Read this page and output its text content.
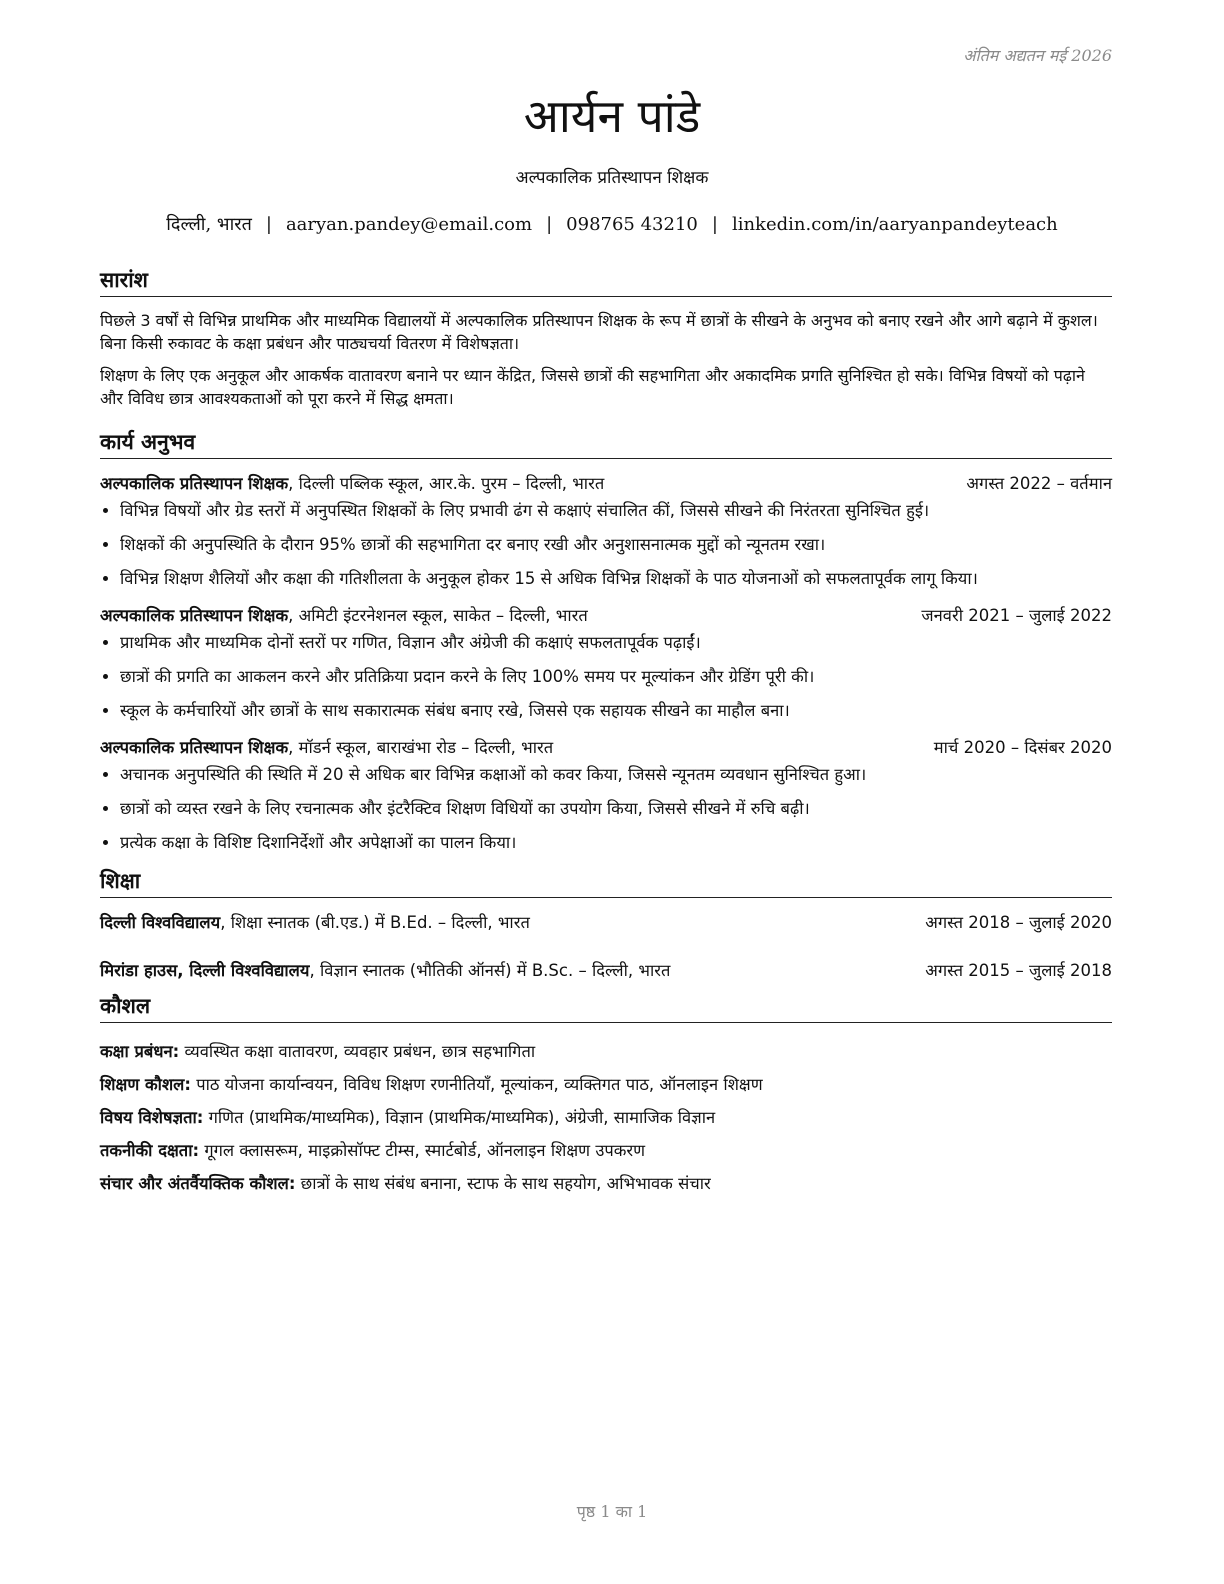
अंतिम अद्यतन मई 2026
आर्यन पांडे
अल्पकालिक प्रतिस्थापन शिक्षक
दिल्ली, भारत | aaryan.pandey@email.com | 098765 43210 | linkedin.com/in/aaryanpandeyteach
सारांश

पिछले 3 वर्षों से विभिन्न प्राथमिक और माध्यमिक विद्यालयों में अल्पकालिक प्रतिस्थापन शिक्षक के रूप में छात्रों के सीखने के अनुभव को बनाए रखने और आगे बढ़ाने में कुशल। बिना किसी रुकावट के कक्षा प्रबंधन और पाठ्यचर्या वितरण में विशेषज्ञता।

शिक्षण के लिए एक अनुकूल और आकर्षक वातावरण बनाने पर ध्यान केंद्रित, जिससे छात्रों की सहभागिता और अकादमिक प्रगति सुनिश्चित हो सके। विभिन्न विषयों को पढ़ाने और विविध छात्र आवश्यकताओं को पूरा करने में सिद्ध क्षमता।

कार्य अनुभव
अल्पकालिक प्रतिस्थापन शिक्षक, दिल्ली पब्लिक स्कूल, आर.के. पुरम – दिल्ली, भारत	अगस्त 2022 – वर्तमान
• विभिन्न विषयों और ग्रेड स्तरों में अनुपस्थित शिक्षकों के लिए प्रभावी ढंग से कक्षाएं संचालित कीं, जिससे सीखने की निरंतरता सुनिश्चित हुई।
• शिक्षकों की अनुपस्थिति के दौरान 95% छात्रों की सहभागिता दर बनाए रखी और अनुशासनात्मक मुद्दों को न्यूनतम रखा।
• विभिन्न शिक्षण शैलियों और कक्षा की गतिशीलता के अनुकूल होकर 15 से अधिक विभिन्न शिक्षकों के पाठ योजनाओं को सफलतापूर्वक लागू किया।
अल्पकालिक प्रतिस्थापन शिक्षक, अमिटी इंटरनेशनल स्कूल, साकेत – दिल्ली, भारत	जनवरी 2021 – जुलाई 2022
• प्राथमिक और माध्यमिक दोनों स्तरों पर गणित, विज्ञान और अंग्रेजी की कक्षाएं सफलतापूर्वक पढ़ाईं।
• छात्रों की प्रगति का आकलन करने और प्रतिक्रिया प्रदान करने के लिए 100% समय पर मूल्यांकन और ग्रेडिंग पूरी की।
• स्कूल के कर्मचारियों और छात्रों के साथ सकारात्मक संबंध बनाए रखे, जिससे एक सहायक सीखने का माहौल बना।
अल्पकालिक प्रतिस्थापन शिक्षक, मॉडर्न स्कूल, बाराखंभा रोड – दिल्ली, भारत	मार्च 2020 – दिसंबर 2020
• अचानक अनुपस्थिति की स्थिति में 20 से अधिक बार विभिन्न कक्षाओं को कवर किया, जिससे न्यूनतम व्यवधान सुनिश्चित हुआ।
• छात्रों को व्यस्त रखने के लिए रचनात्मक और इंटरैक्टिव शिक्षण विधियों का उपयोग किया, जिससे सीखने में रुचि बढ़ी।
• प्रत्येक कक्षा के विशिष्ट दिशानिर्देशों और अपेक्षाओं का पालन किया।
शिक्षा
दिल्ली विश्वविद्यालय, शिक्षा स्नातक (बी.एड.) में B.Ed. – दिल्ली, भारत	अगस्त 2018 – जुलाई 2020
मिरांडा हाउस, दिल्ली विश्वविद्यालय, विज्ञान स्नातक (भौतिकी ऑनर्स) में B.Sc. – दिल्ली, भारत	अगस्त 2015 – जुलाई 2018
कौशल
कक्षा प्रबंधन: व्यवस्थित कक्षा वातावरण, व्यवहार प्रबंधन, छात्र सहभागिता
शिक्षण कौशल: पाठ योजना कार्यान्वयन, विविध शिक्षण रणनीतियाँ, मूल्यांकन, व्यक्तिगत पाठ, ऑनलाइन शिक्षण
विषय विशेषज्ञता: गणित (प्राथमिक/माध्यमिक), विज्ञान (प्राथमिक/माध्यमिक), अंग्रेजी, सामाजिक विज्ञान
तकनीकी दक्षता: गूगल क्लासरूम, माइक्रोसॉफ्ट टीम्स, स्मार्टबोर्ड, ऑनलाइन शिक्षण उपकरण
संचार और अंतर्वैयक्तिक कौशल: छात्रों के साथ संबंध बनाना, स्टाफ के साथ सहयोग, अभिभावक संचार
पृष्ठ 1 का 1
